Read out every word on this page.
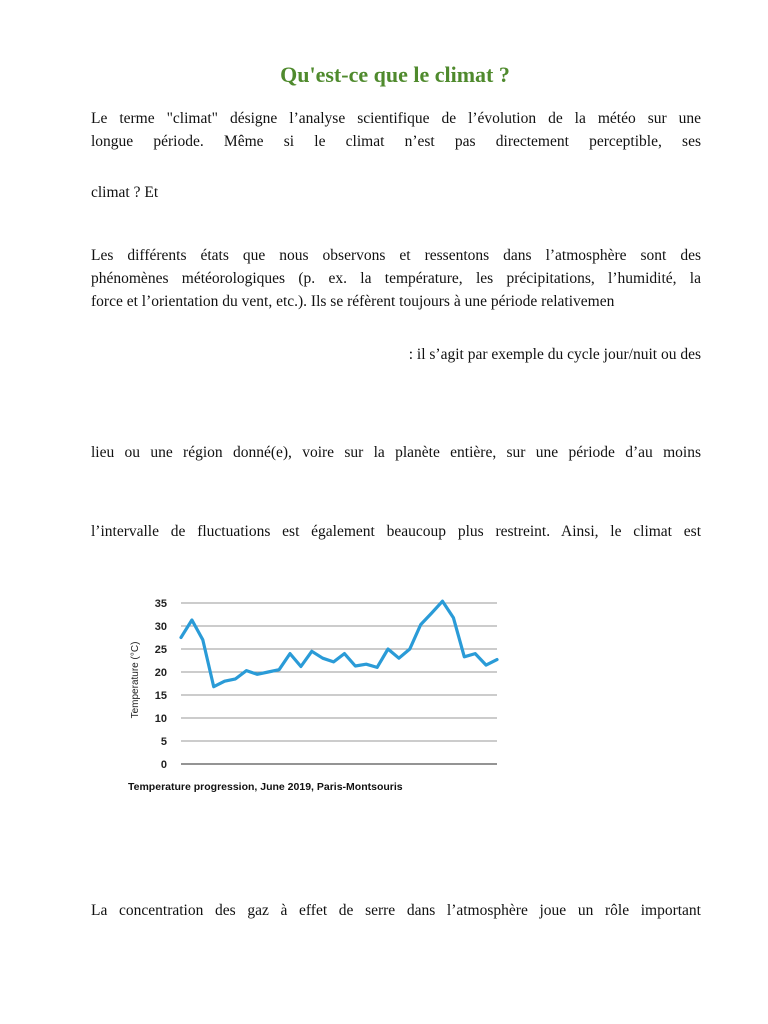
Qu'est-ce que le climat ?

Le terme "climat" désigne l’analyse scientifique de l’évolution de la météo sur une

longue période. Même si le climat n’est pas directement perceptible, ses

climat ? Et

Les différents états que nous observons et ressentons dans l’atmosphère sont des

phénomènes météorologiques (p. ex. la température, les précipitations, l’humidité, la

force et l’orientation du vent, etc.). Ils se réfèrent toujours à une période relativemen

: il s’agit par exemple du cycle jour/nuit ou des

lieu ou une région donné(e), voire sur la planète entière, sur une période d’au moins

l’intervalle de fluctuations est également beaucoup plus restreint. Ainsi, le climat est

0
5
10
15
20
25
30
35
Temperature (°C)
Temperature progression, June 2019, Paris-Montsouris

La concentration des gaz à effet de serre dans l’atmosphère joue un rôle important
